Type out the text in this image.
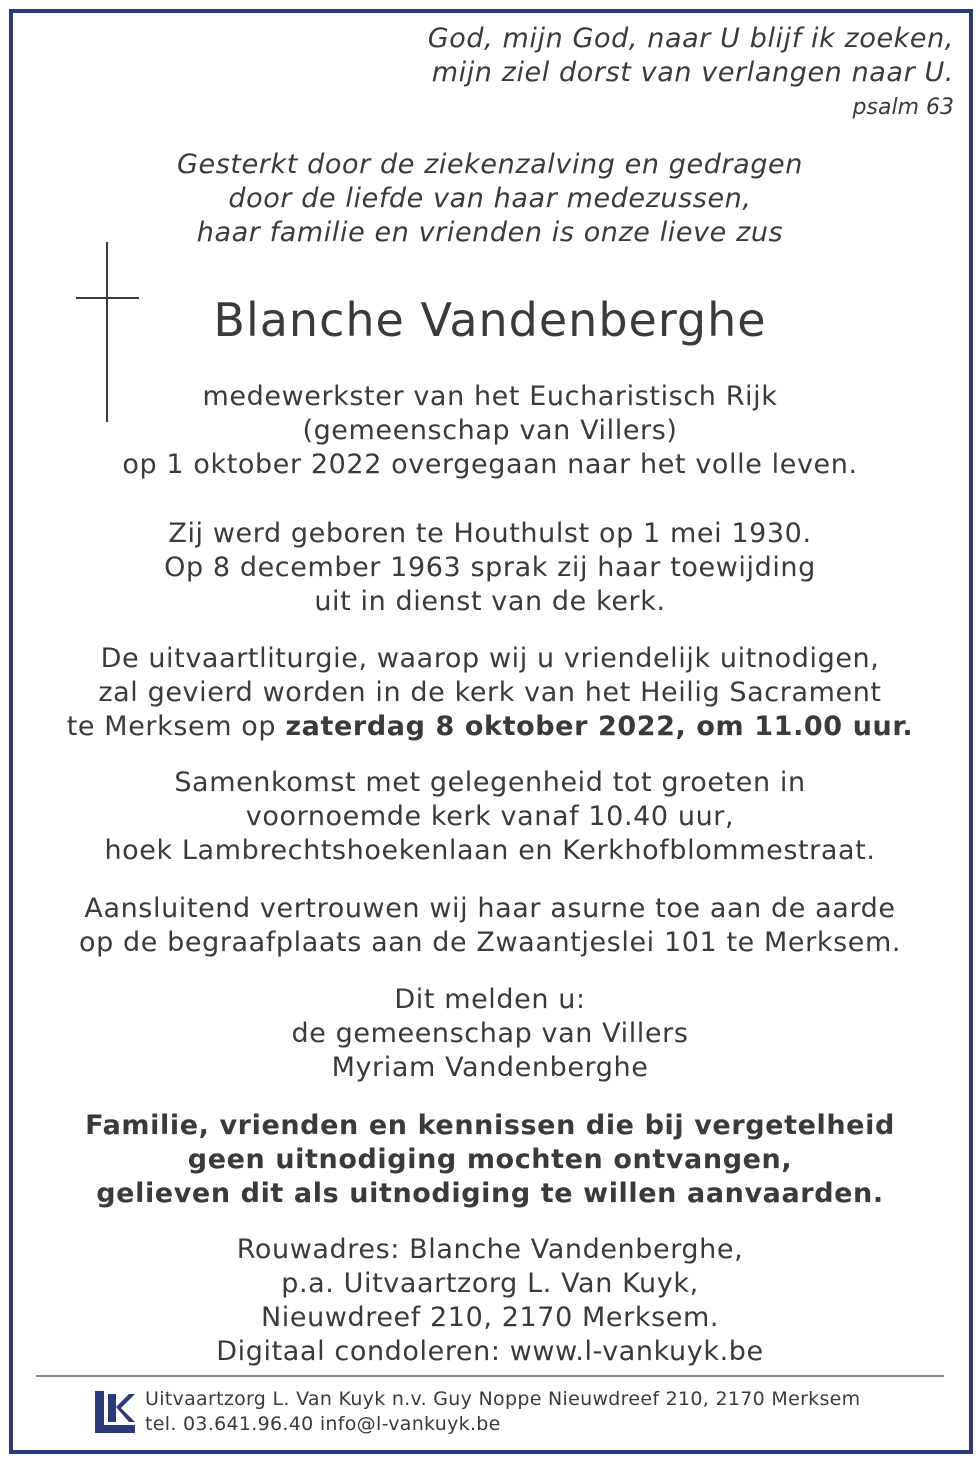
God, mijn God, naar U blijf ik zoeken,
mijn ziel dorst van verlangen naar U.
psalm 63
Gesterkt door de ziekenzalving en gedragen
door de liefde van haar medezussen,
haar familie en vrienden is onze lieve zus
Blanche Vandenberghe
medewerkster van het Eucharistisch Rijk
(gemeenschap van Villers)
op 1 oktober 2022 overgegaan naar het volle leven.
Zij werd geboren te Houthulst op 1 mei 1930.
Op 8 december 1963 sprak zij haar toewijding
uit in dienst van de kerk.
De uitvaartliturgie, waarop wij u vriendelijk uitnodigen,
zal gevierd worden in de kerk van het Heilig Sacrament
te Merksem op zaterdag 8 oktober 2022, om 11.00 uur.
Samenkomst met gelegenheid tot groeten in
voornoemde kerk vanaf 10.40 uur,
hoek Lambrechtshoekenlaan en Kerkhofblommestraat.
Aansluitend vertrouwen wij haar asurne toe aan de aarde
op de begraafplaats aan de Zwaantjeslei 101 te Merksem.
Dit melden u:
de gemeenschap van Villers
Myriam Vandenberghe
Familie, vrienden en kennissen die bij vergetelheid
geen uitnodiging mochten ontvangen,
gelieven dit als uitnodiging te willen aanvaarden.
Rouwadres: Blanche Vandenberghe,
p.a. Uitvaartzorg L. Van Kuyk,
Nieuwdreef 210, 2170 Merksem.
Digitaal condoleren: www.l-vankuyk.be
Uitvaartzorg L. Van Kuyk n.v. Guy Noppe Nieuwdreef 210, 2170 Merksem
tel. 03.641.96.40 info@l-vankuyk.be
